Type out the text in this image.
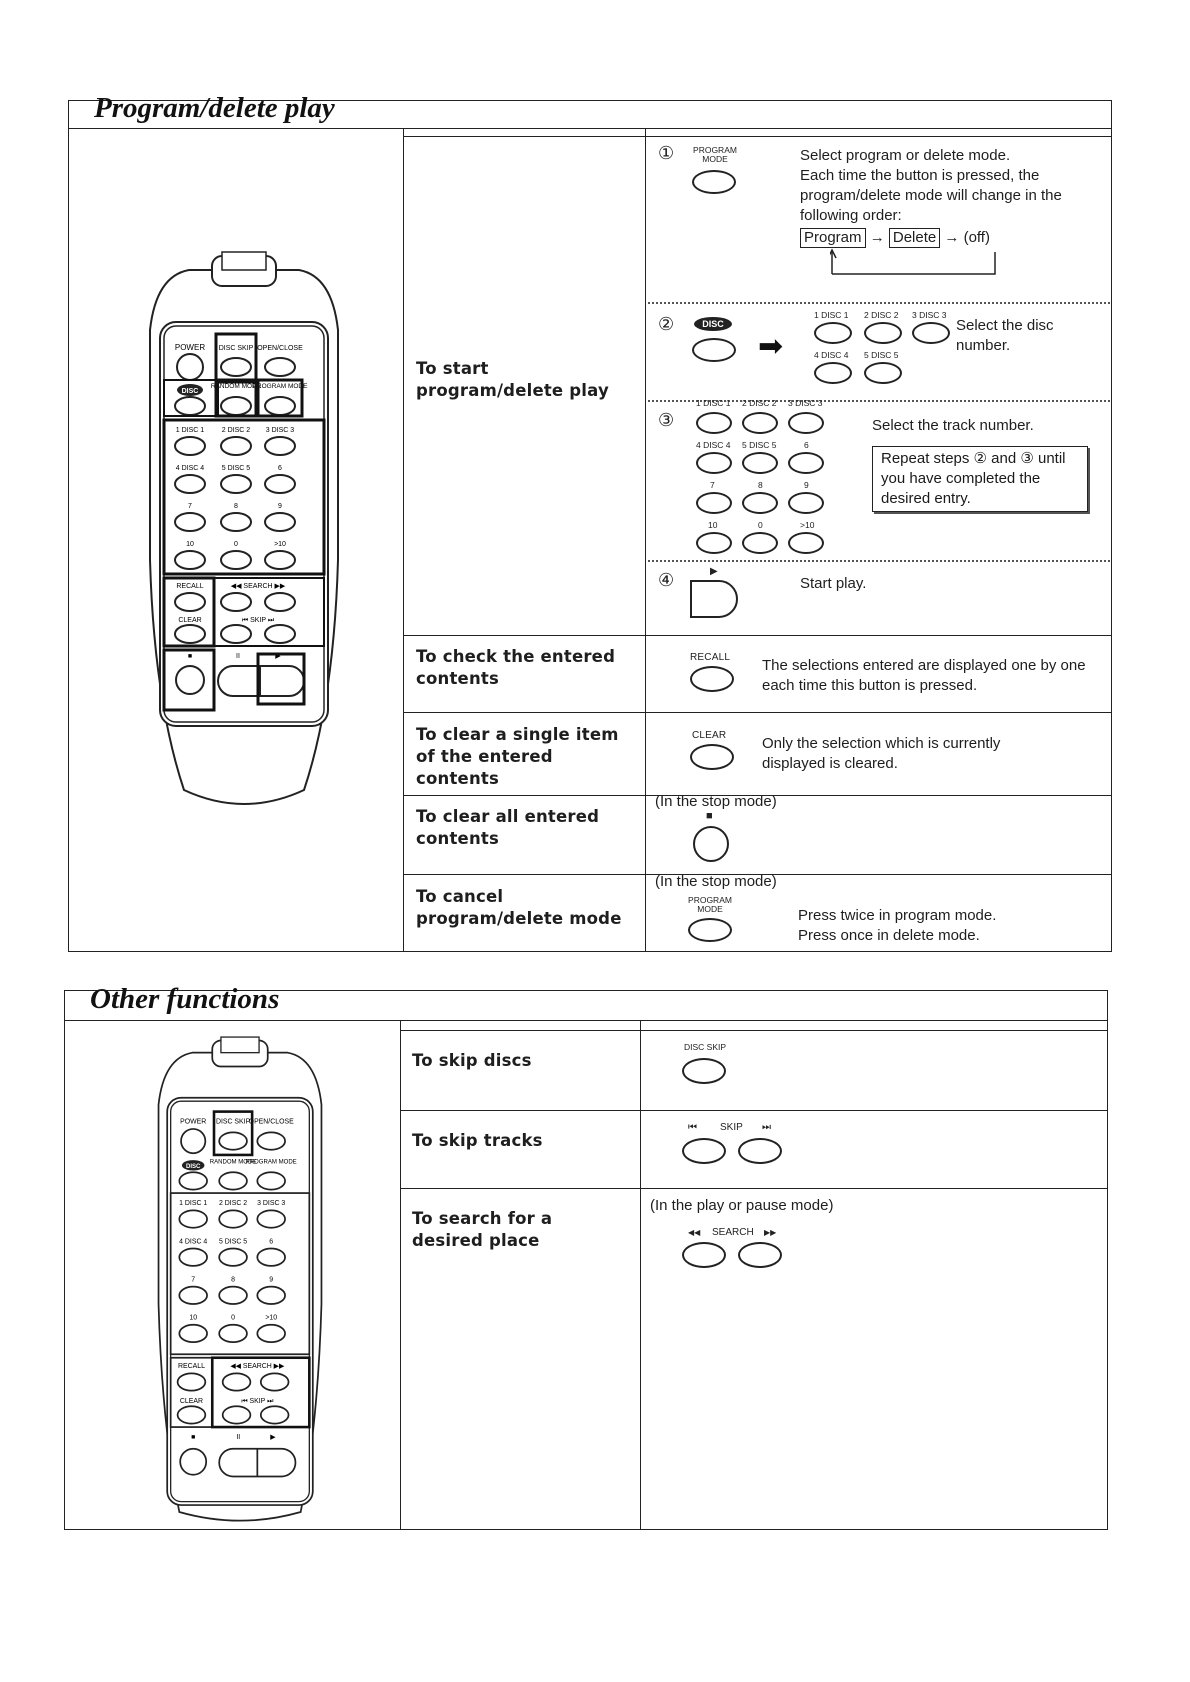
Program/delete play
POWER DISC SKIP OPEN/CLOSE
DISC
RANDOM MODE
PROGRAM MODE
1 DISC 1	2 DISC 2 3 DISC 3
4 DISC 4	5 DISC 5	6
7	8	9
10	0	>10
RECALL	◀◀ SEARCH ▶▶
CLEAR	⏮ SKIP ⏭
■	II	▶
To start program/delete play
①	PROGRAM MODE	Select program or delete mode.
Each time the button is pressed, the
program/delete mode will change in the
following order:
Program → Delete → (off)
②	DISC
➡
1 DISC 1 2 DISC 2 3 DISC 3
4 DISC 4 5 DISC 5
Select the disc number.
③
1 DISC 1 2 DISC 2 3 DISC 3
4 DISC 4 5 DISC 5	6
7	8	9
10	0	>10
Select the track number.
Repeat steps ② and ③ until you have completed the desired entry.
④	▶
Start play.
To check the entered contents
RECALL The selections entered are displayed one by one each time this button is pressed.
To clear a single item of the entered contents
CLEAR Only the selection which is currently displayed is cleared.
To clear all entered contents
(In the stop mode)
■
To cancel program/delete mode
(In the stop mode)
PROGRAM MODE	Press twice in program mode.
Press once in delete mode.
Other functions
POWER DISC SKIP
OPEN/CLOSE
DISC
RANDOM MODE
PROGRAM MODE
1 DISC 1 2 DISC 2 3 DISC 3
4 DISC 4 5 DISC 5	6
7	8	9
10	0	>10
RECALL	◀◀ SEARCH ▶▶
CLEAR	⏮ SKIP ⏭
■	II	▶
To skip discs
DISC SKIP
To skip tracks
⏮ SKIP ⏭
To search for a desired place
(In the play or pause mode)
◀◀ SEARCH ▶▶
